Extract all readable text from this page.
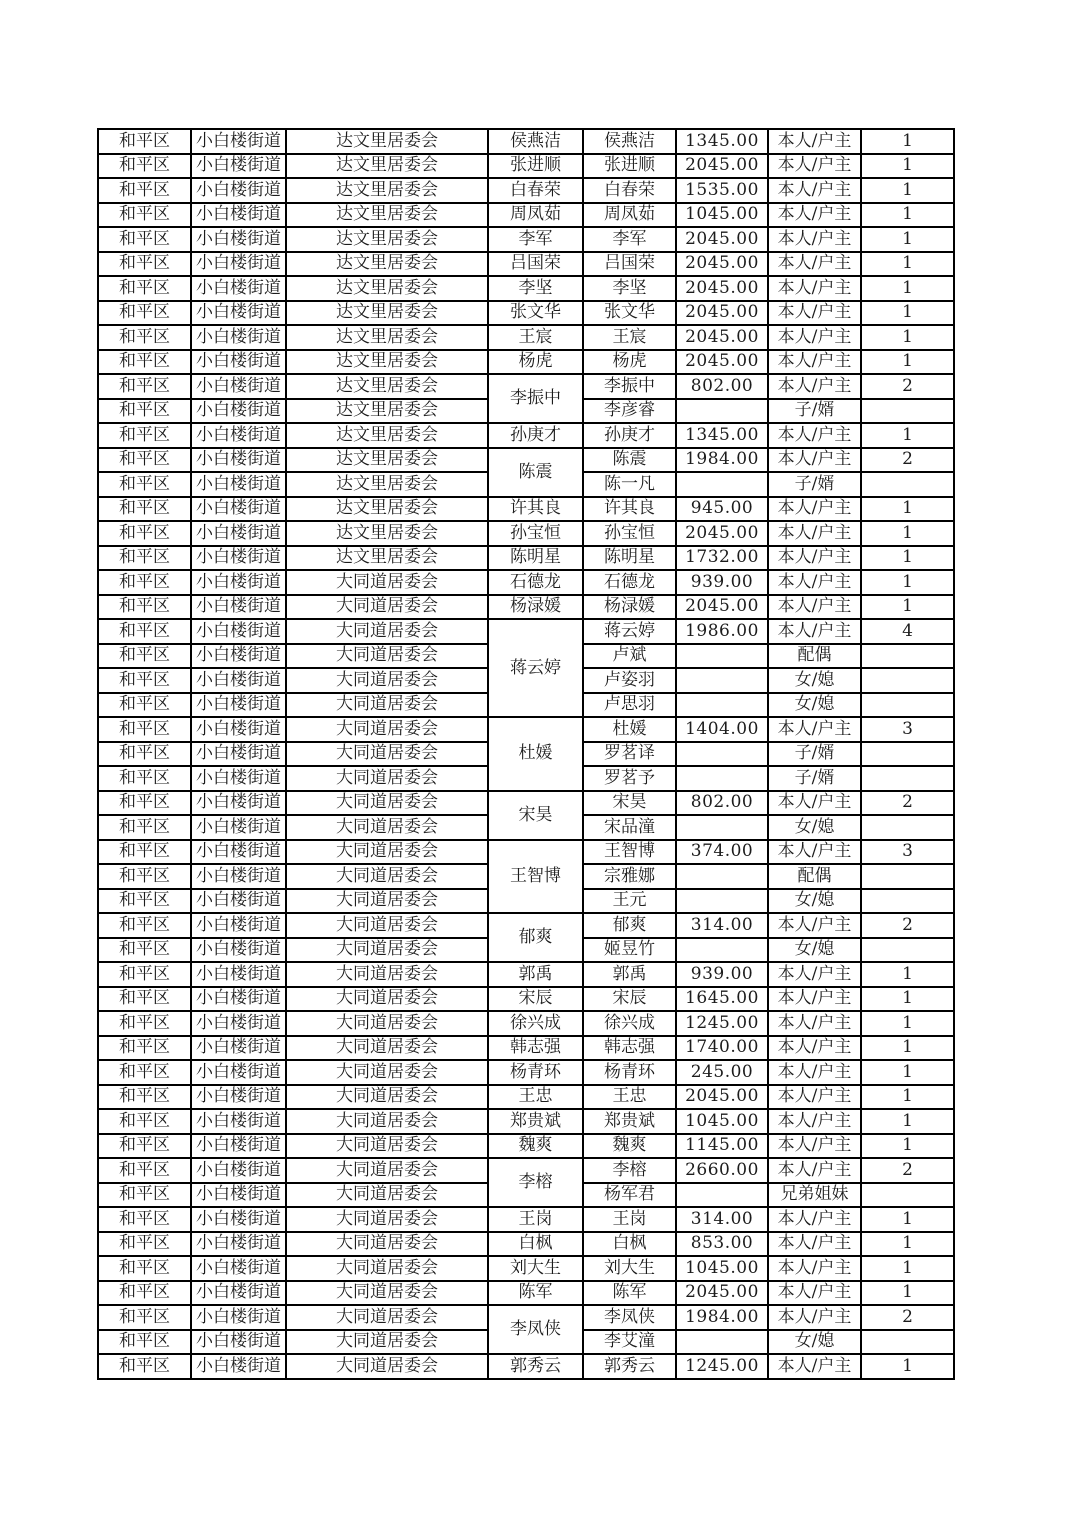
和平区	小白楼街道	达文里居委会	侯燕洁	侯燕洁	1345.00	本人/户主	1
和平区	小白楼街道	达文里居委会	张进顺	张进顺	2045.00	本人/户主	1
和平区	小白楼街道	达文里居委会	白春荣	白春荣	1535.00	本人/户主	1
和平区	小白楼街道	达文里居委会	周凤茹	周凤茹	1045.00	本人/户主	1
和平区	小白楼街道	达文里居委会	李军	李军	2045.00	本人/户主	1
和平区	小白楼街道	达文里居委会	吕国荣	吕国荣	2045.00	本人/户主	1
和平区	小白楼街道	达文里居委会	李坚	李坚	2045.00	本人/户主	1
和平区	小白楼街道	达文里居委会	张文华	张文华	2045.00	本人/户主	1
和平区	小白楼街道	达文里居委会	王宸	王宸	2045.00	本人/户主	1
和平区	小白楼街道	达文里居委会	杨虎	杨虎	2045.00	本人/户主	1
和平区	小白楼街道	达文里居委会	李振中	李振中	802.00	本人/户主	2
和平区	小白楼街道	达文里居委会		李彦睿		子/婿	
和平区	小白楼街道	达文里居委会	孙庚才	孙庚才	1345.00	本人/户主	1
和平区	小白楼街道	达文里居委会	陈震	陈震	1984.00	本人/户主	2
和平区	小白楼街道	达文里居委会		陈一凡		子/婿	
和平区	小白楼街道	达文里居委会	许其良	许其良	945.00	本人/户主	1
和平区	小白楼街道	达文里居委会	孙宝恒	孙宝恒	2045.00	本人/户主	1
和平区	小白楼街道	达文里居委会	陈明星	陈明星	1732.00	本人/户主	1
和平区	小白楼街道	大同道居委会	石德龙	石德龙	939.00	本人/户主	1
和平区	小白楼街道	大同道居委会	杨渌媛	杨渌媛	2045.00	本人/户主	1
和平区	小白楼街道	大同道居委会	蒋云婷	蒋云婷	1986.00	本人/户主	4
和平区	小白楼街道	大同道居委会		卢斌		配偶	
和平区	小白楼街道	大同道居委会		卢姿羽		女/媳	
和平区	小白楼街道	大同道居委会		卢思羽		女/媳	
和平区	小白楼街道	大同道居委会	杜媛	杜媛	1404.00	本人/户主	3
和平区	小白楼街道	大同道居委会		罗茗译		子/婿	
和平区	小白楼街道	大同道居委会		罗茗予		子/婿	
和平区	小白楼街道	大同道居委会	宋昊	宋昊	802.00	本人/户主	2
和平区	小白楼街道	大同道居委会		宋品潼		女/媳	
和平区	小白楼街道	大同道居委会	王智博	王智博	374.00	本人/户主	3
和平区	小白楼街道	大同道居委会		宗雅娜		配偶	
和平区	小白楼街道	大同道居委会		王元		女/媳	
和平区	小白楼街道	大同道居委会	郁爽	郁爽	314.00	本人/户主	2
和平区	小白楼街道	大同道居委会		姬昱竹		女/媳	
和平区	小白楼街道	大同道居委会	郭禹	郭禹	939.00	本人/户主	1
和平区	小白楼街道	大同道居委会	宋辰	宋辰	1645.00	本人/户主	1
和平区	小白楼街道	大同道居委会	徐兴成	徐兴成	1245.00	本人/户主	1
和平区	小白楼街道	大同道居委会	韩志强	韩志强	1740.00	本人/户主	1
和平区	小白楼街道	大同道居委会	杨青环	杨青环	245.00	本人/户主	1
和平区	小白楼街道	大同道居委会	王忠	王忠	2045.00	本人/户主	1
和平区	小白楼街道	大同道居委会	郑贵斌	郑贵斌	1045.00	本人/户主	1
和平区	小白楼街道	大同道居委会	魏爽	魏爽	1145.00	本人/户主	1
和平区	小白楼街道	大同道居委会	李榕	李榕	2660.00	本人/户主	2
和平区	小白楼街道	大同道居委会		杨军君		兄弟姐妹	
和平区	小白楼街道	大同道居委会	王岗	王岗	314.00	本人/户主	1
和平区	小白楼街道	大同道居委会	白枫	白枫	853.00	本人/户主	1
和平区	小白楼街道	大同道居委会	刘大生	刘大生	1045.00	本人/户主	1
和平区	小白楼街道	大同道居委会	陈军	陈军	2045.00	本人/户主	1
和平区	小白楼街道	大同道居委会	李凤侠	李凤侠	1984.00	本人/户主	2
和平区	小白楼街道	大同道居委会		李艾潼		女/媳	
和平区	小白楼街道	大同道居委会	郭秀云	郭秀云	1245.00	本人/户主	1
